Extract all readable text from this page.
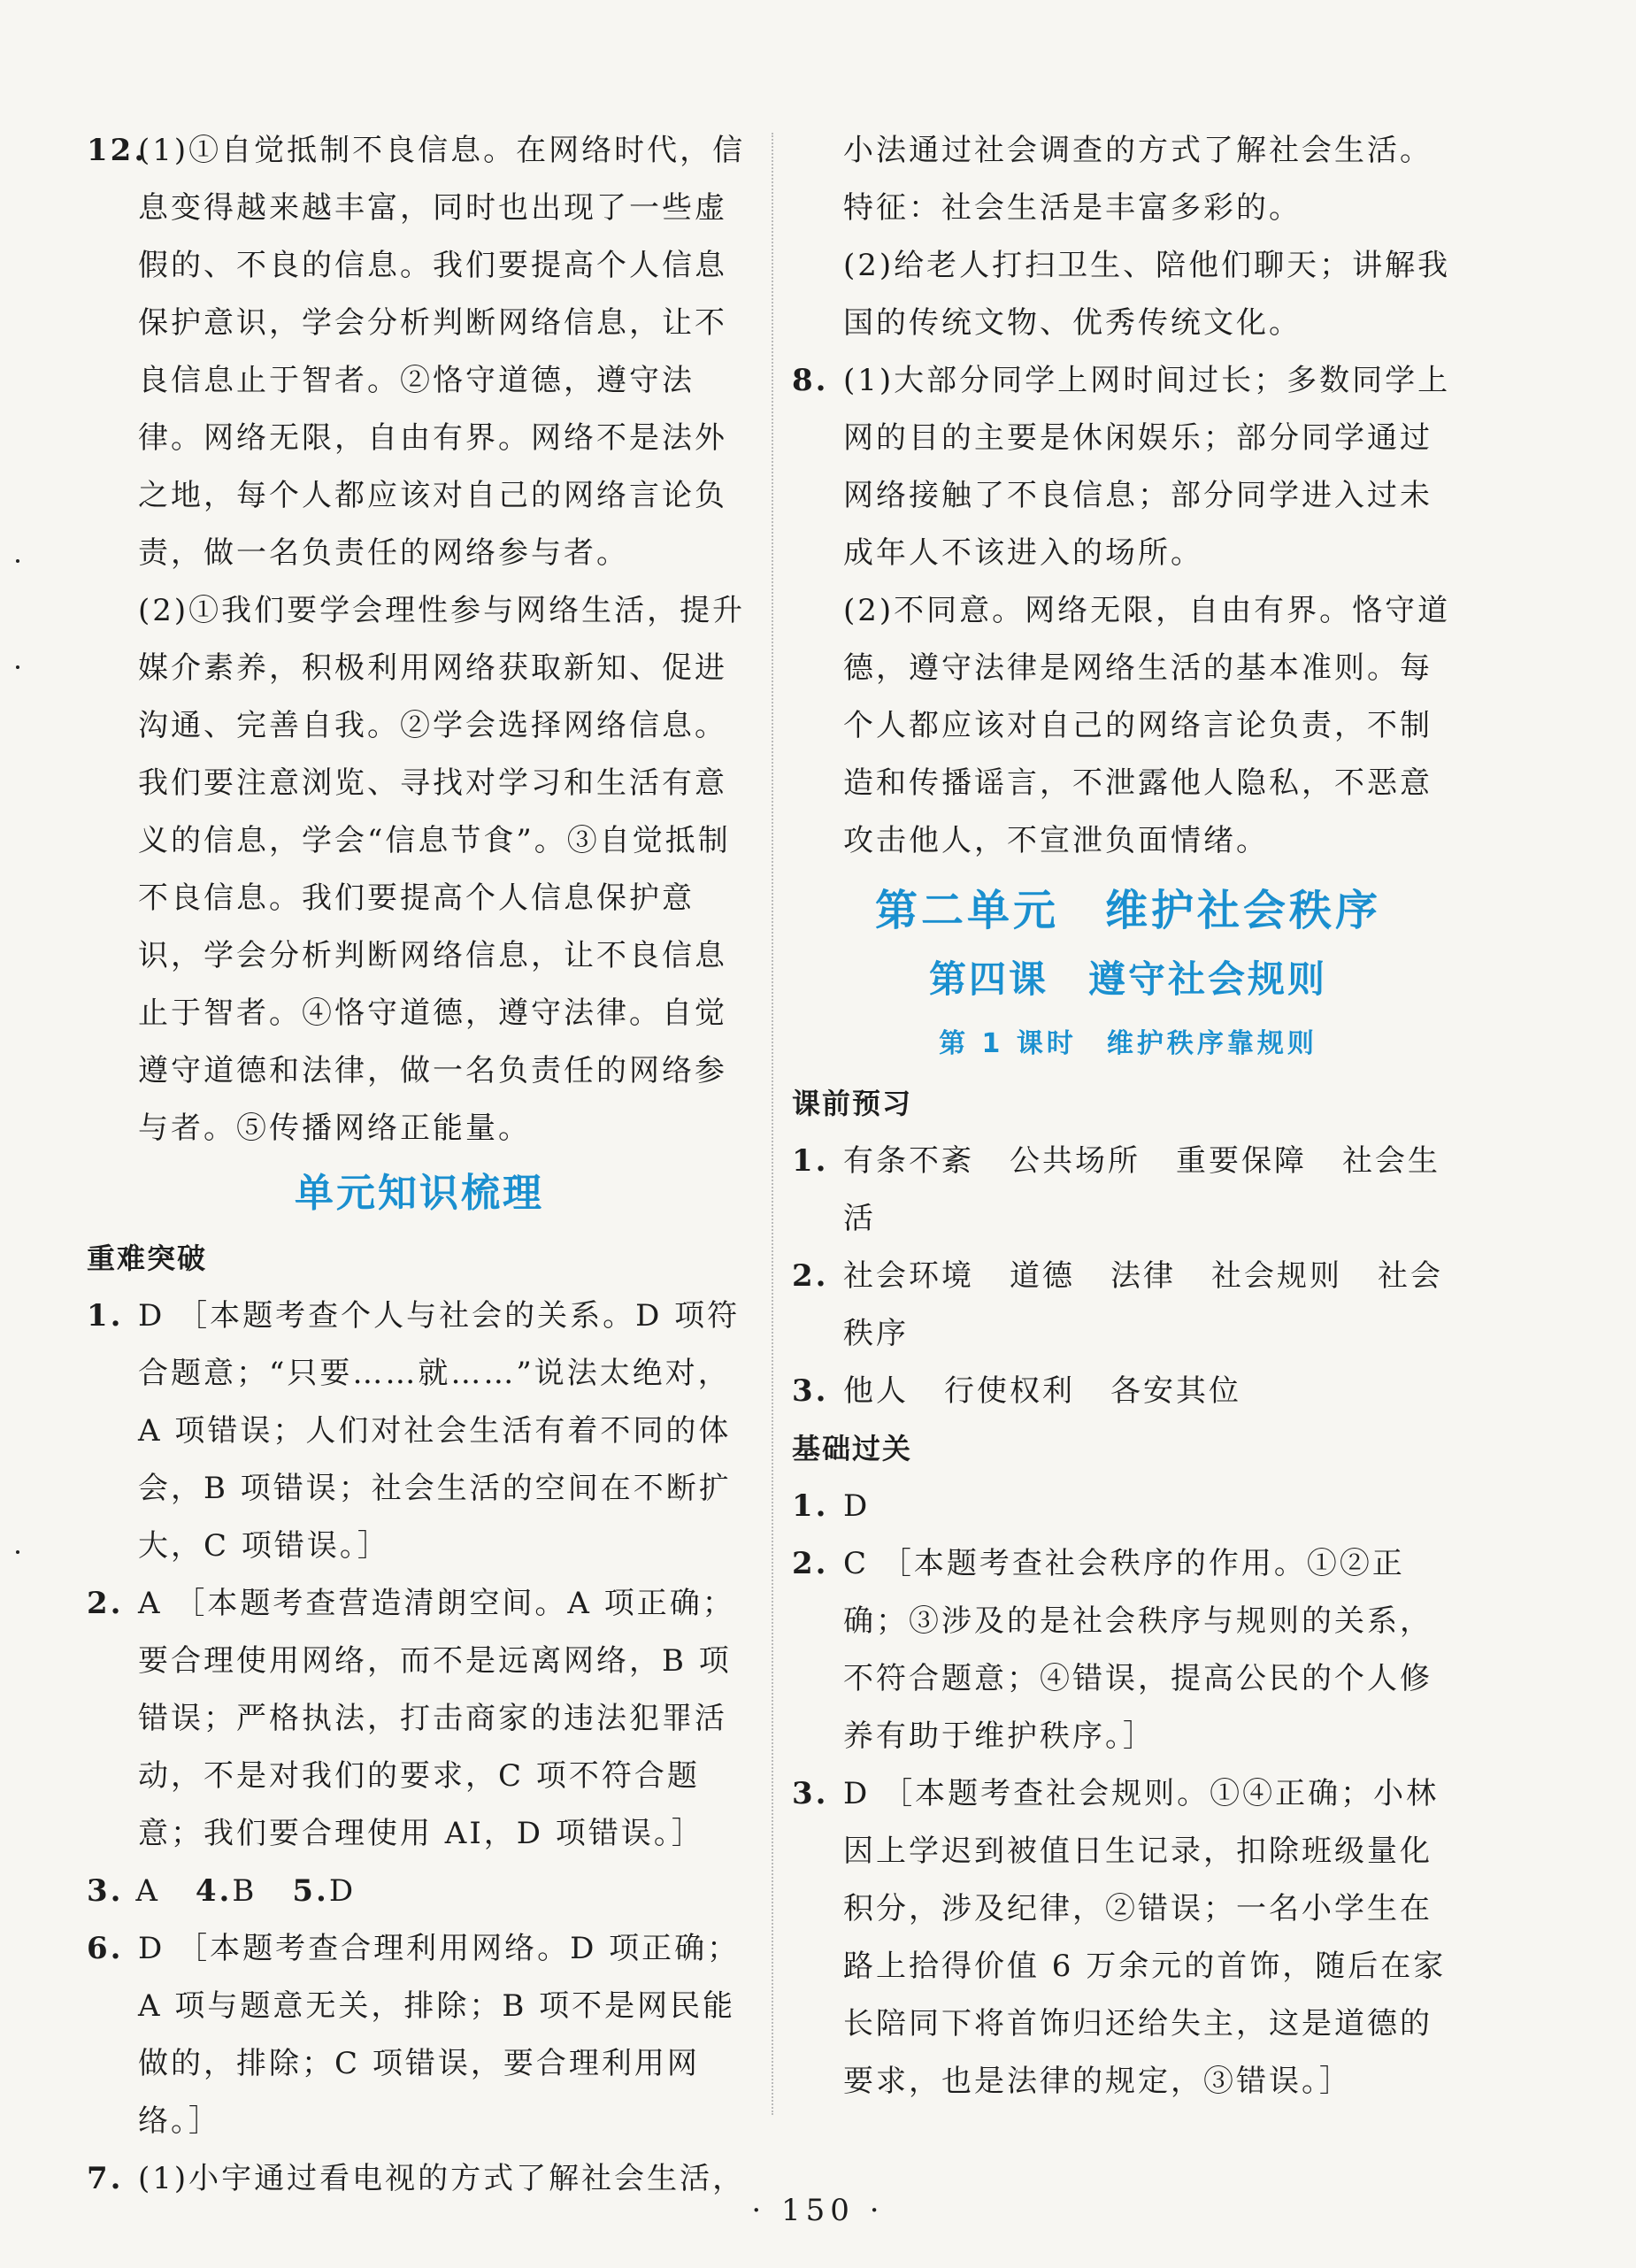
12.
(1)①自觉抵制不良信息。在网络时代，信息变得越来越丰富，同时也出现了一些虚假的、不良的信息。我们要提高个人信息保护意识，学会分析判断网络信息，让不良信息止于智者。②恪守道德，遵守法律。网络无限，自由有界。网络不是法外之地，每个人都应该对自己的网络言论负责，做一名负责任的网络参与者。
(2)①我们要学会理性参与网络生活，提升媒介素养，积极利用网络获取新知、促进沟通、完善自我。②学会选择网络信息。我们要注意浏览、寻找对学习和生活有意义的信息，学会“信息节食”。③自觉抵制不良信息。我们要提高个人信息保护意识，学会分析判断网络信息，让不良信息止于智者。④恪守道德，遵守法律。自觉遵守道德和法律，做一名负责任的网络参与者。⑤传播网络正能量。
单元知识梳理
重难突破
1. D ［本题考查个人与社会的关系。D 项符合题意；“只要……就……”说法太绝对，A 项错误；人们对社会生活有着不同的体会，B 项错误；社会生活的空间在不断扩大，C 项错误。］
2. A ［本题考查营造清朗空间。A 项正确；要合理使用网络，而不是远离网络，B 项错误；严格执法，打击商家的违法犯罪活动，不是对我们的要求，C 项不符合题意；我们要合理使用 AI，D 项错误。］
3. A 4.B 5.D
6. D ［本题考查合理利用网络。D 项正确；A 项与题意无关，排除；B 项不是网民能做的，排除；C 项错误，要合理利用网络。］
7. (1)小宇通过看电视的方式了解社会生活，
小法通过社会调查的方式了解社会生活。
特征：社会生活是丰富多彩的。
(2)给老人打扫卫生、陪他们聊天；讲解我国的传统文物、优秀传统文化。
8. (1)大部分同学上网时间过长；多数同学上网的目的主要是休闲娱乐；部分同学通过网络接触了不良信息；部分同学进入过未成年人不该进入的场所。
(2)不同意。网络无限，自由有界。恪守道德，遵守法律是网络生活的基本准则。每个人都应该对自己的网络言论负责，不制造和传播谣言，不泄露他人隐私，不恶意攻击他人，不宣泄负面情绪。
第二单元　维护社会秩序
第四课　遵守社会规则
第 1 课时　维护秩序靠规则
课前预习
1. 有条不紊 公共场所 重要保障 社会生活
2. 社会环境 道德 法律 社会规则 社会秩序
3. 他人 行使权利 各安其位
基础过关
1. D
2. C ［本题考查社会秩序的作用。①②正确；③涉及的是社会秩序与规则的关系，不符合题意；④错误，提高公民的个人修养有助于维护秩序。］
3. D ［本题考查社会规则。①④正确；小林因上学迟到被值日生记录，扣除班级量化积分，涉及纪律，②错误；一名小学生在路上拾得价值 6 万余元的首饰，随后在家长陪同下将首饰归还给失主，这是道德的要求，也是法律的规定，③错误。］
· 150 ·
